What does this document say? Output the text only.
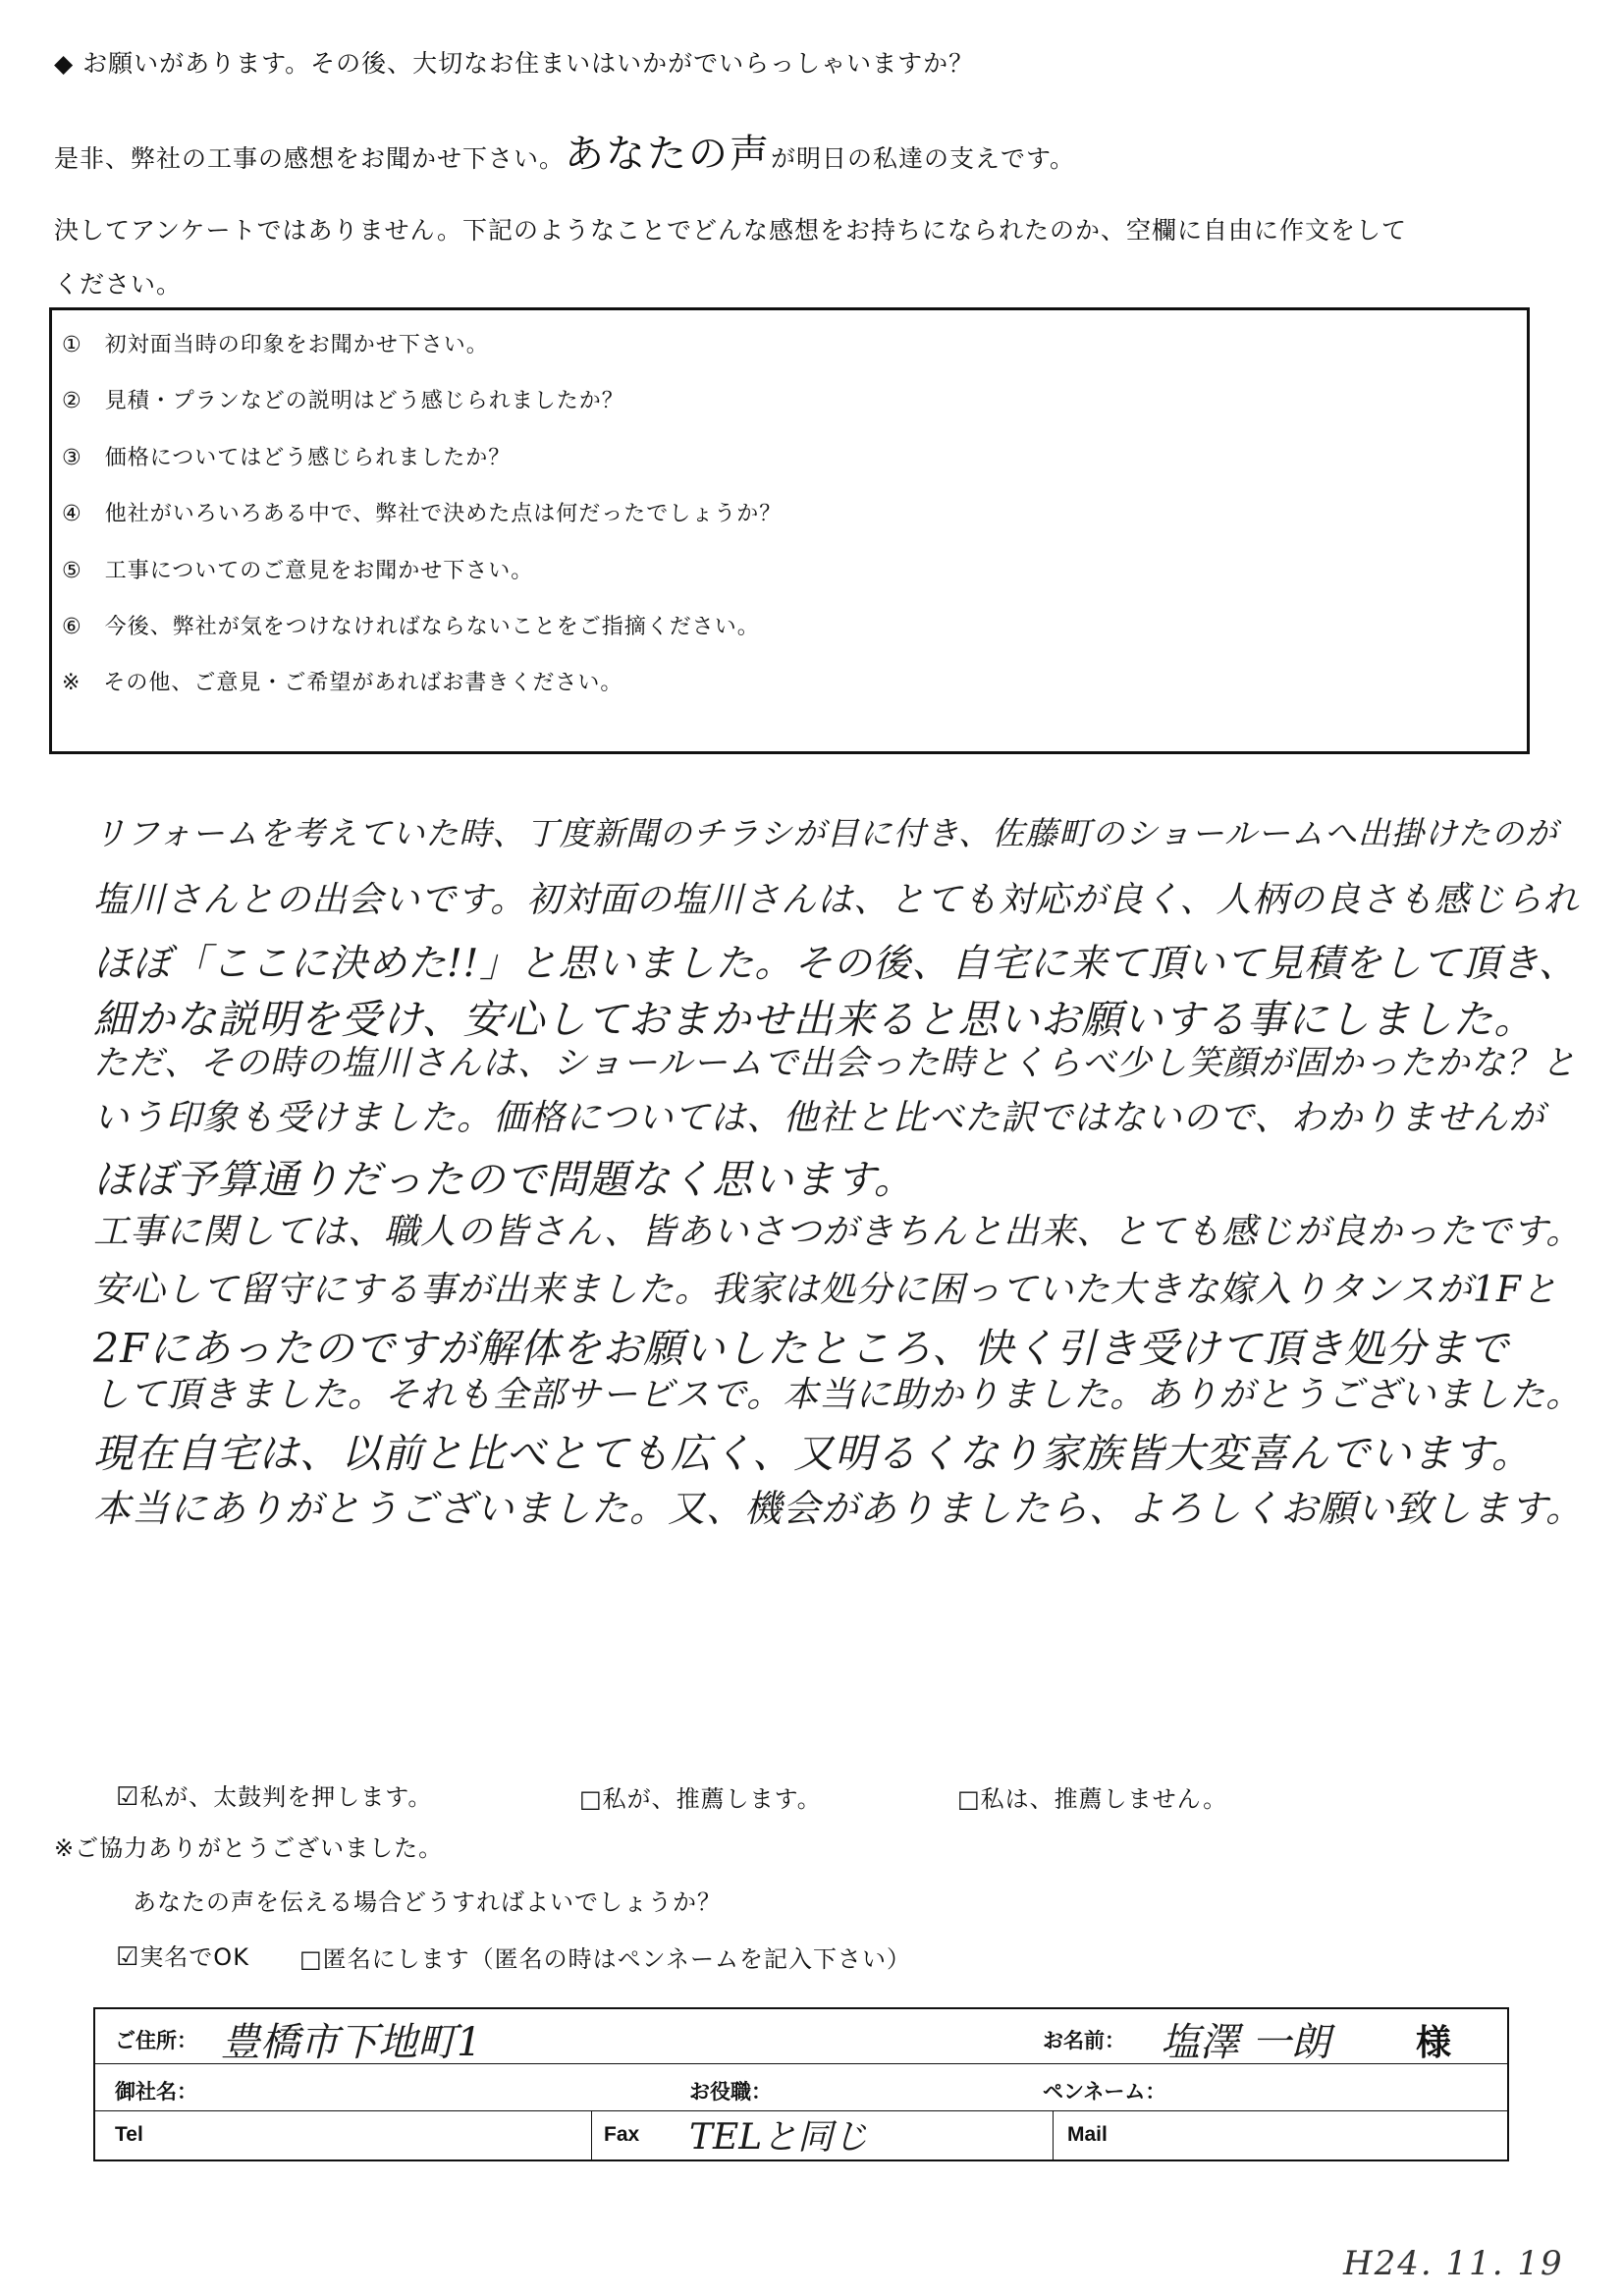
◆ お願いがあります。その後、大切なお住まいはいかがでいらっしゃいますか？
是非、弊社の工事の感想をお聞かせ下さい。あなたの声が明日の私達の支えです。
決してアンケートではありません。下記のようなことでどんな感想をお持ちになられたのか、空欄に自由に作文をして
ください。
①　初対面当時の印象をお聞かせ下さい。
②　見積・プランなどの説明はどう感じられましたか？
③　価格についてはどう感じられましたか？
④　他社がいろいろある中で、弊社で決めた点は何だったでしょうか？
⑤　工事についてのご意見をお聞かせ下さい。
⑥　今後、弊社が気をつけなければならないことをご指摘ください。
※　その他、ご意見・ご希望があればお書きください。
リフォームを考えていた時、丁度新聞のチラシが目に付き、佐藤町のショールームへ出掛けたのが
塩川さんとの出会いです。初対面の塩川さんは、とても対応が良く、人柄の良さも感じられ
ほぼ「ここに決めた!!」と思いました。その後、自宅に来て頂いて見積をして頂き、
細かな説明を受け、安心しておまかせ出来ると思いお願いする事にしました。
ただ、その時の塩川さんは、ショールームで出会った時とくらべ少し笑顔が固かったかな？と
いう印象も受けました。価格については、他社と比べた訳ではないので、わかりませんが
ほぼ予算通りだったので問題なく思います。
工事に関しては、職人の皆さん、皆あいさつがきちんと出来、とても感じが良かったです。
安心して留守にする事が出来ました。我家は処分に困っていた大きな嫁入りタンスが1Fと
2Fにあったのですが解体をお願いしたところ、快く引き受けて頂き処分まで
して頂きました。それも全部サービスで。本当に助かりました。ありがとうございました。
現在自宅は、以前と比べとても広く、又明るくなり家族皆大変喜んでいます。
本当にありがとうございました。又、機会がありましたら、よろしくお願い致します。
☑私が、太鼓判を押します。	□私が、推薦します。	□私は、推薦しません。
※ご協力ありがとうございました。
あなたの声を伝える場合どうすればよいでしょうか？
☑実名でOK □匿名にします（匿名の時はペンネームを記入下さい）
ご住所： 豊橋市下地町1	お名前： 塩澤 一朗 様
御社名：	お役職：	ペンネーム：
Tel	Fax TELと同じ	Mail
H24. 11. 19
